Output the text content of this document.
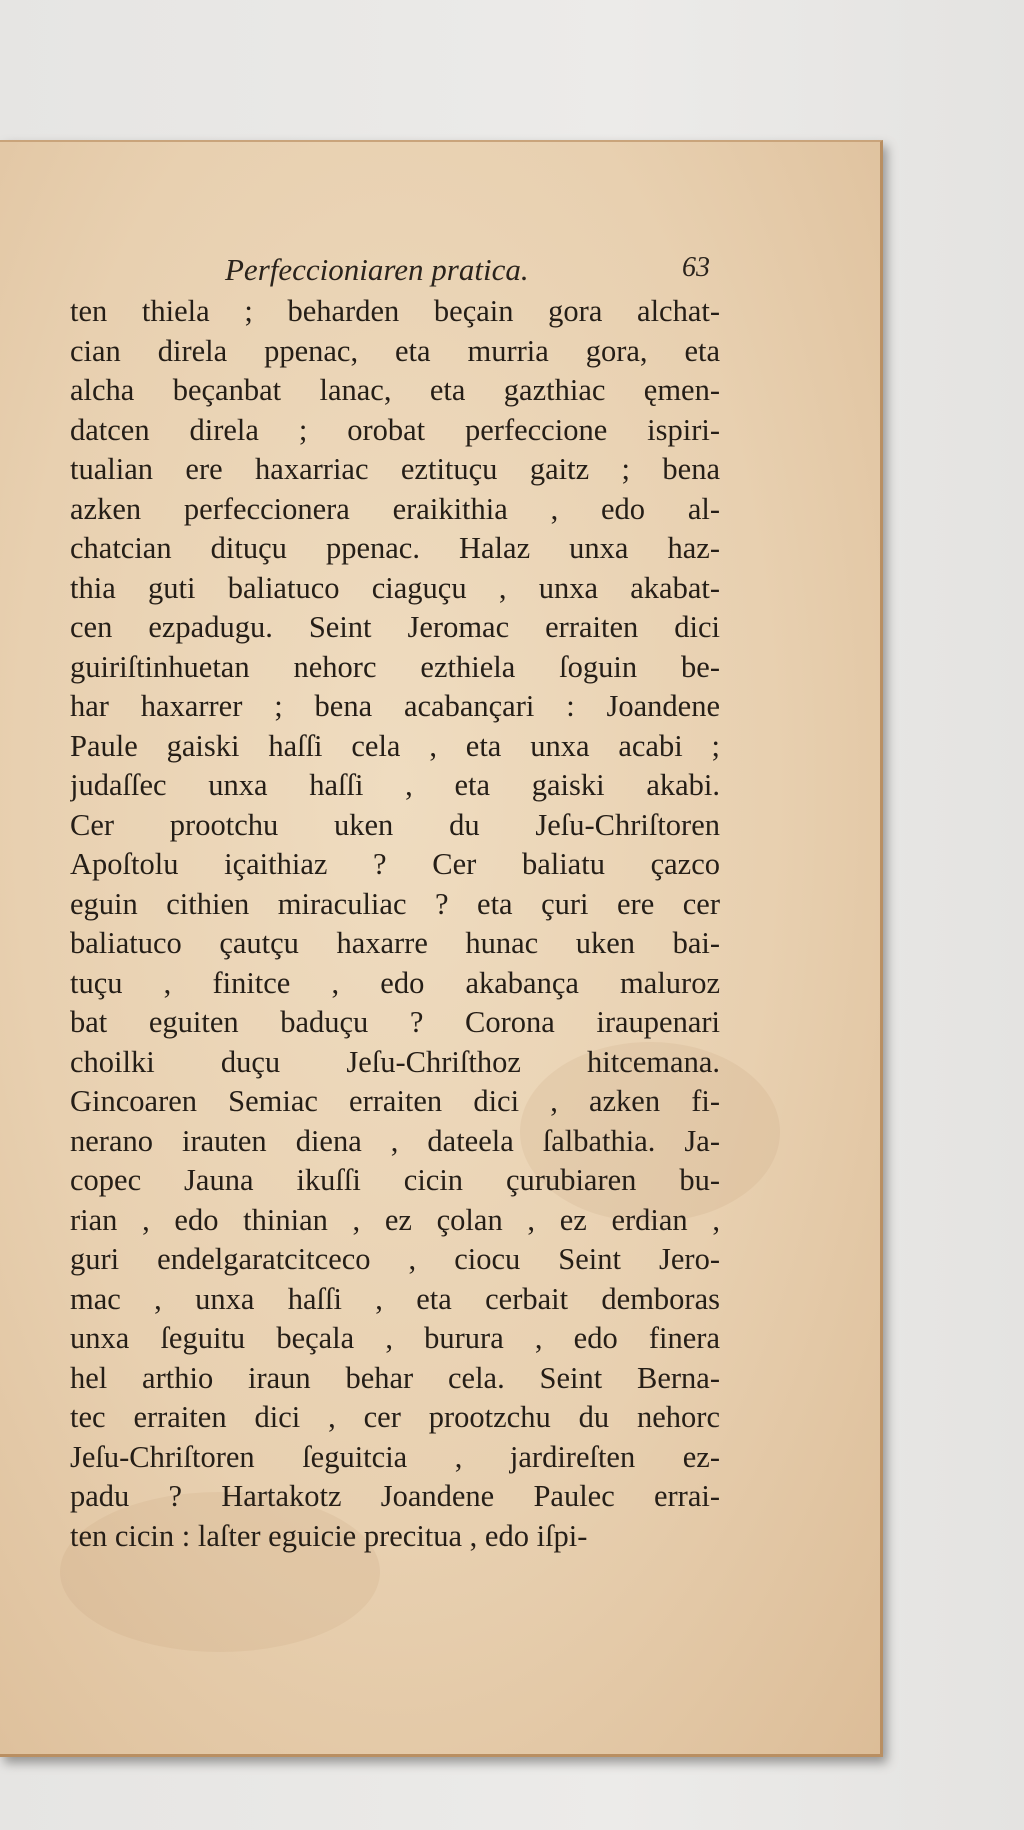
Perfeccioniaren pratica.	63
ten thiela ; beharden beçain gora alchat-
cian direla ppenac, eta murria gora, eta
alcha beçanbat lanac, eta gazthiac ęmen-
datcen direla ; orobat perfeccione ispiri-
tualian ere haxarriac eztituçu gaitz ; bena
azken perfeccionera eraikithia , edo al-
chatcian dituçu ppenac. Halaz unxa haz-
thia guti baliatuco ciaguçu , unxa akabat-
cen ezpadugu. Seint Jeromac erraiten dici
guiriſtinhuetan nehorc ezthiela ſoguin be-
har haxarrer ; bena acabançari : Joandene
Paule gaiski haſſi cela , eta unxa acabi ;
judaſſec unxa haſſi , eta gaiski akabi.
Cer prootchu uken du Jeſu-Chriſtoren
Apoſtolu içaithiaz ? Cer baliatu çazco
eguin cithien miraculiac ? eta çuri ere cer
baliatuco çautçu haxarre hunac uken bai-
tuçu , finitce , edo akabança maluroz
bat eguiten baduçu ? Corona iraupenari
choilki duçu Jeſu-Chriſthoz hitcemana.
Gincoaren Semiac erraiten dici , azken fi-
nerano irauten diena , dateela ſalbathia. Ja-
copec Jauna ikuſſi cicin çurubiaren bu-
rian , edo thinian , ez çolan , ez erdian ,
guri endelgaratcitceco , ciocu Seint Jero-
mac , unxa haſſi , eta cerbait demboras
unxa ſeguitu beçala , burura , edo finera
hel arthio iraun behar cela. Seint Berna-
tec erraiten dici , cer prootzchu du nehorc
Jeſu-Chriſtoren ſeguitcia , jardireſten ez-
padu ? Hartakotz Joandene Paulec errai-
ten cicin : laſter eguicie precitua , edo iſpi-
